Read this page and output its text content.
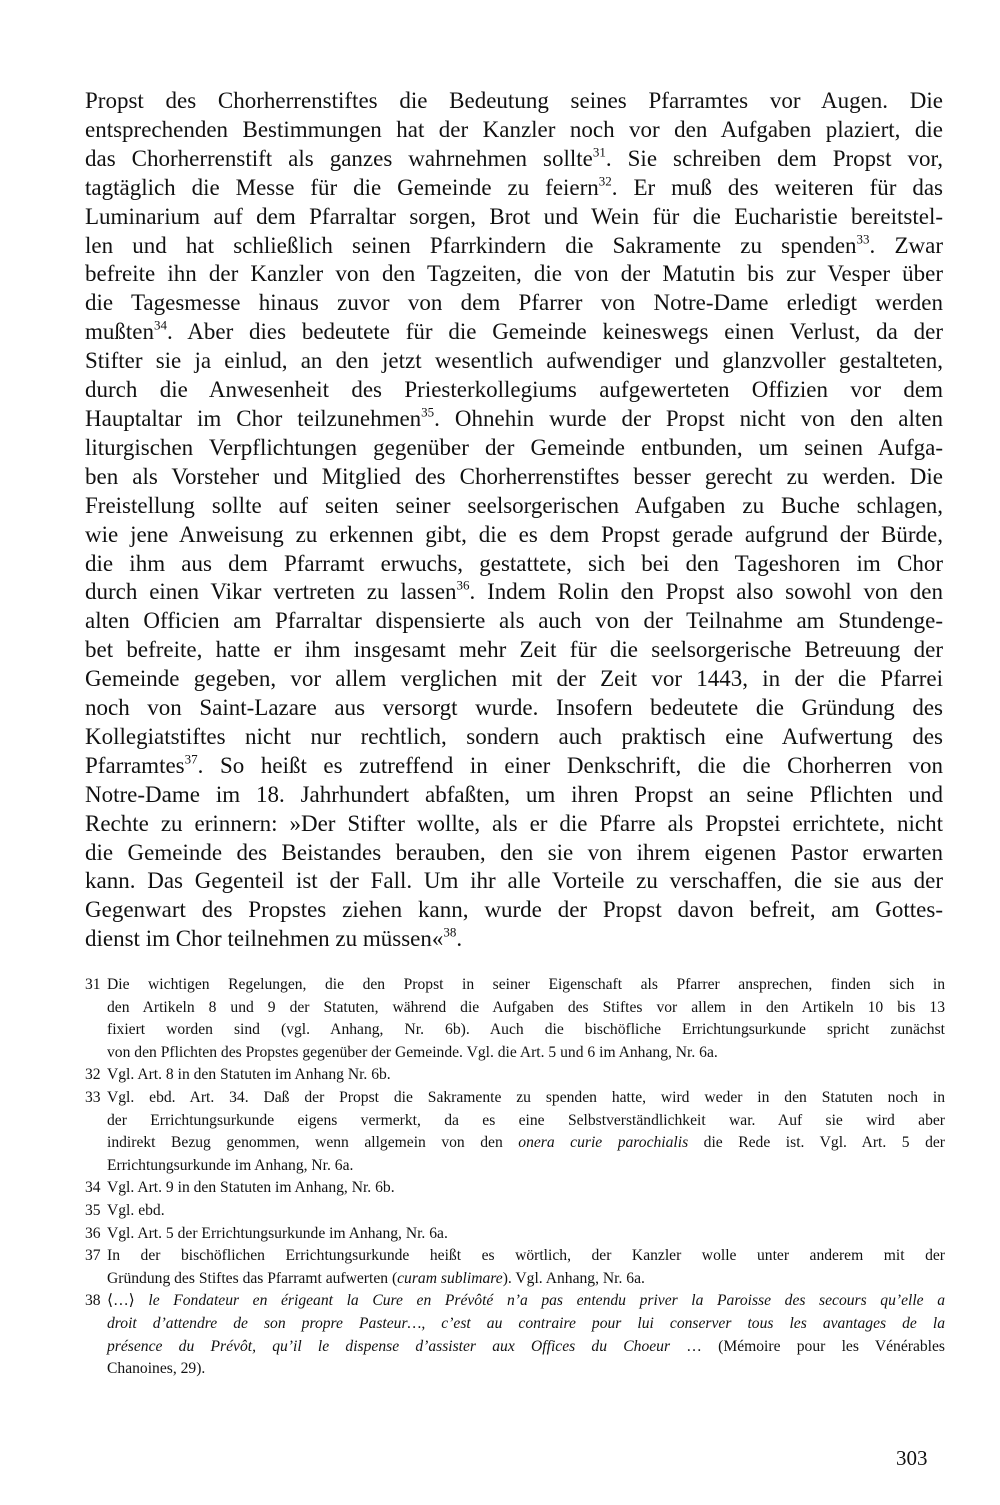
Propst des Chorherrenstiftes die Bedeutung seines Pfarramtes vor Augen. Die
entsprechenden Bestimmungen hat der Kanzler noch vor den Aufgaben plaziert, die
das Chorherrenstift als ganzes wahrnehmen sollte$^{31}$. Sie schreiben dem Propst vor,
tagtäglich die Messe für die Gemeinde zu feiern$^{32}$. Er muß des weiteren für das
Luminarium auf dem Pfarraltar sorgen, Brot und Wein für die Eucharistie bereitstel-
len und hat schließlich seinen Pfarrkindern die Sakramente zu spenden$^{33}$. Zwar
befreite ihn der Kanzler von den Tagzeiten, die von der Matutin bis zur Vesper über
die Tagesmesse hinaus zuvor von dem Pfarrer von Notre-Dame erledigt werden
mußten$^{34}$. Aber dies bedeutete für die Gemeinde keineswegs einen Verlust, da der
Stifter sie ja einlud, an den jetzt wesentlich aufwendiger und glanzvoller gestalteten,
durch die Anwesenheit des Priesterkollegiums aufgewerteten Offizien vor dem
Hauptaltar im Chor teilzunehmen$^{35}$. Ohnehin wurde der Propst nicht von den alten
liturgischen Verpflichtungen gegenüber der Gemeinde entbunden, um seinen Aufga-
ben als Vorsteher und Mitglied des Chorherrenstiftes besser gerecht zu werden. Die
Freistellung sollte auf seiten seiner seelsorgerischen Aufgaben zu Buche schlagen,
wie jene Anweisung zu erkennen gibt, die es dem Propst gerade aufgrund der Bürde,
die ihm aus dem Pfarramt erwuchs, gestattete, sich bei den Tageshoren im Chor
durch einen Vikar vertreten zu lassen$^{36}$. Indem Rolin den Propst also sowohl von den
alten Officien am Pfarraltar dispensierte als auch von der Teilnahme am Stundenge-
bet befreite, hatte er ihm insgesamt mehr Zeit für die seelsorgerische Betreuung der
Gemeinde gegeben, vor allem verglichen mit der Zeit vor 1443, in der die Pfarrei
noch von Saint-Lazare aus versorgt wurde. Insofern bedeutete die Gründung des
Kollegiatstiftes nicht nur rechtlich, sondern auch praktisch eine Aufwertung des
Pfarramtes$^{37}$. So heißt es zutreffend in einer Denkschrift, die die Chorherren von
Notre-Dame im 18. Jahrhundert abfaßten, um ihren Propst an seine Pflichten und
Rechte zu erinnern: »Der Stifter wollte, als er die Pfarre als Propstei errichtete, nicht
die Gemeinde des Beistandes berauben, den sie von ihrem eigenen Pastor erwarten
kann. Das Gegenteil ist der Fall. Um ihr alle Vorteile zu verschaffen, die sie aus der
Gegenwart des Propstes ziehen kann, wurde der Propst davon befreit, am Gottes-
dienst im Chor teilnehmen zu müssen«$^{38}$.
31 Die wichtigen Regelungen, die den Propst in seiner Eigenschaft als Pfarrer ansprechen, finden sich in
den Artikeln 8 und 9 der Statuten, während die Aufgaben des Stiftes vor allem in den Artikeln 10 bis 13
fixiert worden sind (vgl. Anhang, Nr. 6b). Auch die bischöfliche Errichtungsurkunde spricht zunächst
von den Pflichten des Propstes gegenüber der Gemeinde. Vgl. die Art. 5 und 6 im Anhang, Nr. 6a.
32 Vgl. Art. 8 in den Statuten im Anhang Nr. 6b.
33 Vgl. ebd. Art. 34. Daß der Propst die Sakramente zu spenden hatte, wird weder in den Statuten noch in
der Errichtungsurkunde eigens vermerkt, da es eine Selbstverständlichkeit war. Auf sie wird aber
indirekt Bezug genommen, wenn allgemein von den onera curie parochialis die Rede ist. Vgl. Art. 5 der
Errichtungsurkunde im Anhang, Nr. 6a.
34 Vgl. Art. 9 in den Statuten im Anhang, Nr. 6b.
35 Vgl. ebd.
36 Vgl. Art. 5 der Errichtungsurkunde im Anhang, Nr. 6a.
37 In der bischöflichen Errichtungsurkunde heißt es wörtlich, der Kanzler wolle unter anderem mit der
Gründung des Stiftes das Pfarramt aufwerten (curam sublimare). Vgl. Anhang, Nr. 6a.
38 ⟨…⟩ le Fondateur en érigeant la Cure en Prévôté n’a pas entendu priver la Paroisse des secours qu’elle a
droit d’attendre de son propre Pasteur…, c’est au contraire pour lui conserver tous les avantages de la
présence du Prévôt, qu’il le dispense d’assister aux Offices du Choeur … (Mémoire pour les Vénérables
Chanoines, 29).
303
